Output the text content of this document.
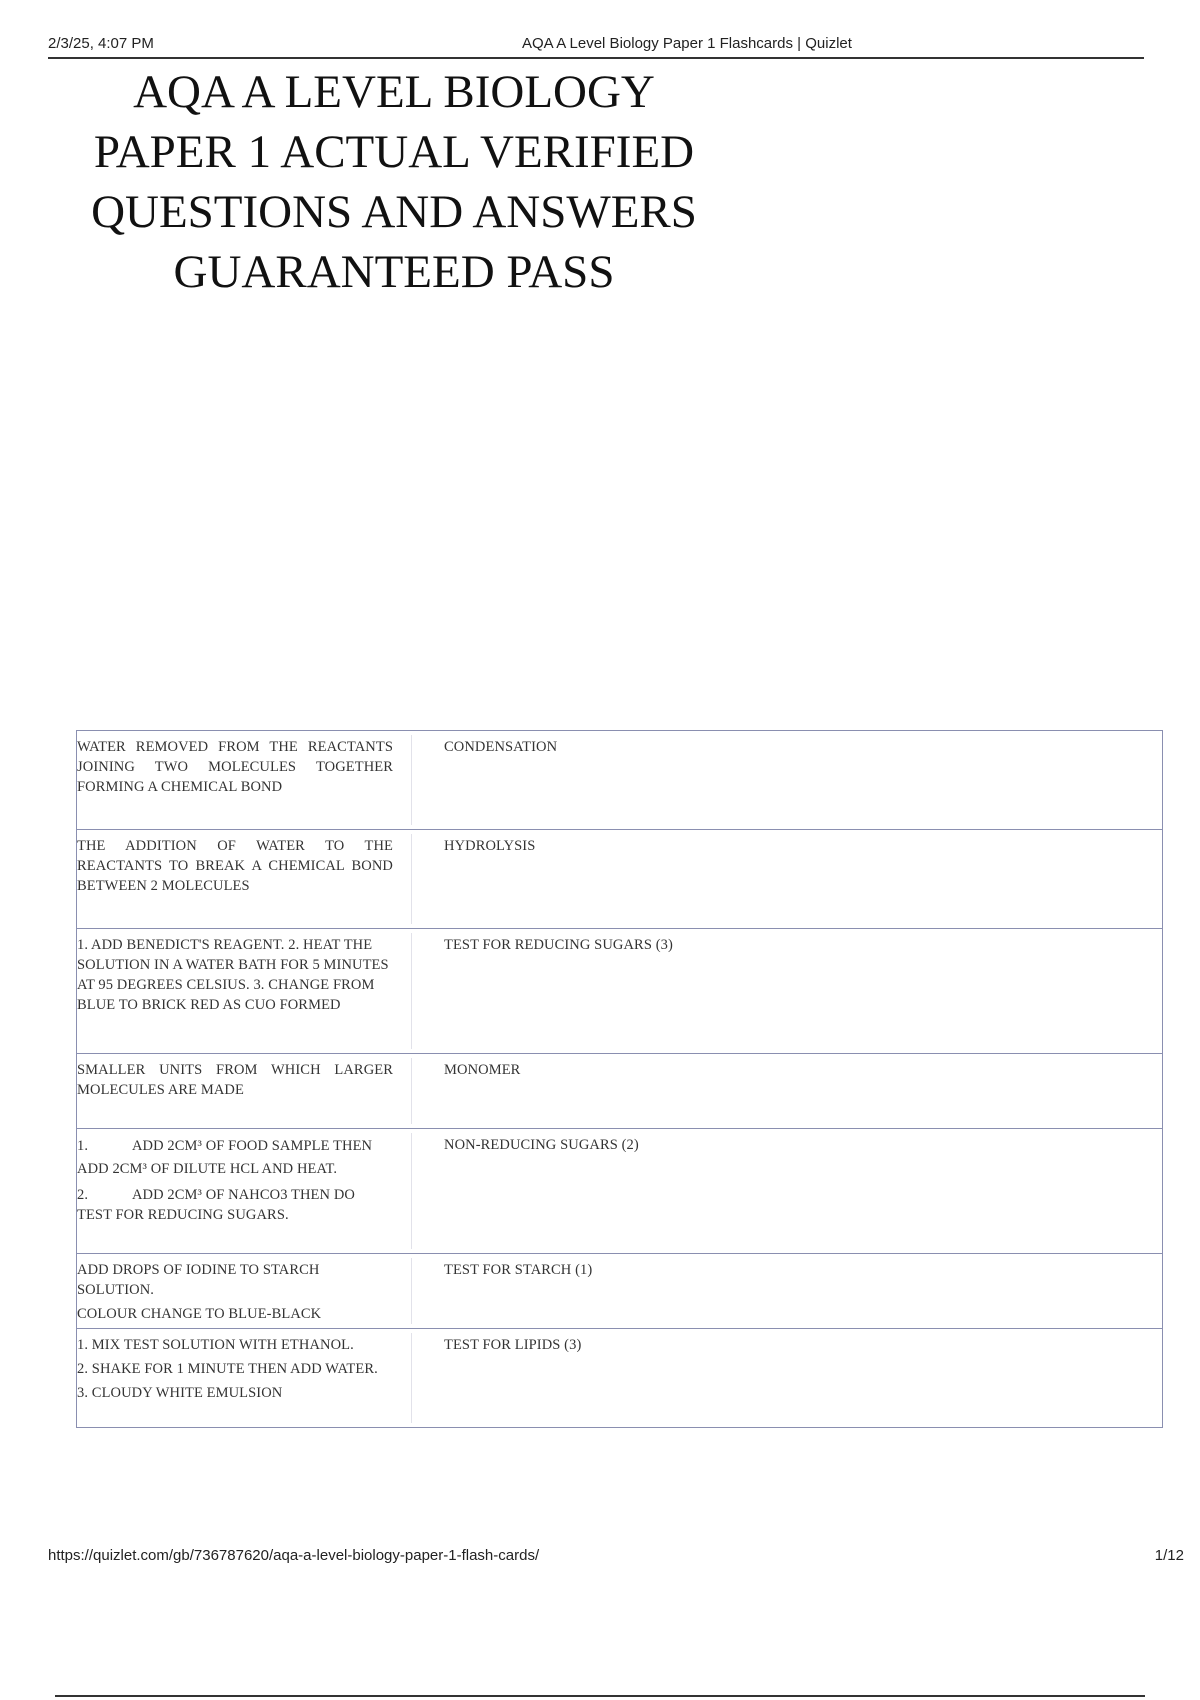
2/3/25, 4:07 PM	AQA A Level Biology Paper 1 Flashcards | Quizlet
AQA A LEVEL BIOLOGY
PAPER 1 ACTUAL VERIFIED
QUESTIONS AND ANSWERS
GUARANTEED PASS

WATER REMOVED FROM THE REACTANTS JOINING TWO MOLECULES TOGETHER FORMING A CHEMICAL BOND

CONDENSATION

THE ADDITION OF WATER TO THE REACTANTS TO BREAK A CHEMICAL BOND BETWEEN 2 MOLECULES

HYDROLYSIS

1. ADD BENEDICT'S REAGENT. 2. HEAT THE SOLUTION IN A WATER BATH FOR 5 MINUTES AT 95 DEGREES CELSIUS. 3. CHANGE FROM BLUE TO BRICK RED AS CUO FORMED

TEST FOR REDUCING SUGARS (3)

SMALLER UNITS FROM WHICH LARGER MOLECULES ARE MADE

MONOMER

1.            ADD 2CM³ OF FOOD SAMPLE THEN ADD 2CM³ OF DILUTE HCL AND HEAT.

2.            ADD 2CM³ OF NAHCO3 THEN DO TEST FOR REDUCING SUGARS.

NON-REDUCING SUGARS (2)

ADD DROPS OF IODINE TO STARCH SOLUTION.

COLOUR CHANGE TO BLUE-BLACK

TEST FOR STARCH (1)

1. MIX TEST SOLUTION WITH ETHANOL.

2. SHAKE FOR 1 MINUTE THEN ADD WATER.

3. CLOUDY WHITE EMULSION

TEST FOR LIPIDS (3)
https://quizlet.com/gb/736787620/aqa-a-level-biology-paper-1-flash-cards/	1/12
